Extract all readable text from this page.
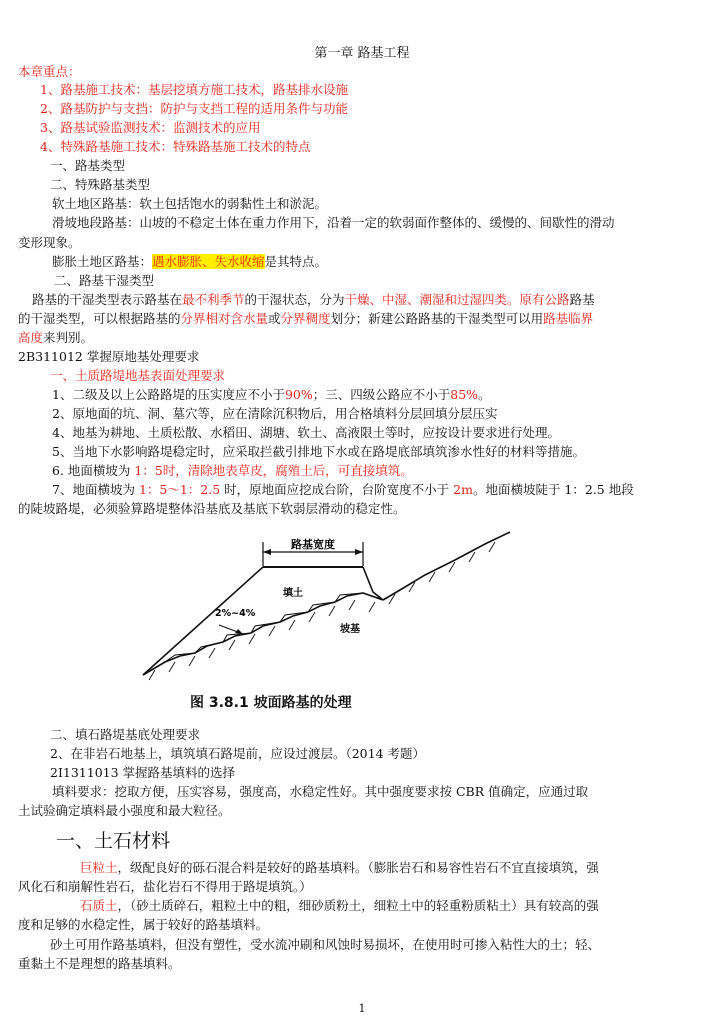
第一章 路基工程
本章重点：
1、路基施工技术：基层挖填方施工技术，路基排水设施
2、路基防护与支挡：防护与支挡工程的适用条件与功能
3、路基试验监测技术：监测技术的应用
4、特殊路基施工技术：特殊路基施工技术的特点
一、路基类型
二、特殊路基类型
软土地区路基：软土包括饱水的弱黏性土和淤泥。
滑坡地段路基：山坡的不稳定土体在重力作用下，沿着一定的软弱面作整体的、缓慢的、间歇性的滑动
变形现象。
膨胀土地区路基：遇水膨胀、失水收缩是其特点。
二、路基干湿类型
路基的干湿类型表示路基在最不利季节的干湿状态，分为干燥、中湿、潮湿和过湿四类。原有公路路基
的干湿类型，可以根据路基的分界相对含水量或分界稠度划分；新建公路路基的干湿类型可以用路基临界
高度来判别。
2B311012 掌握原地基处理要求
一、土质路堤地基表面处理要求
1、二级及以上公路路堤的压实度应不小于90%；三、四级公路应不小于85%。
2、原地面的坑、洞、墓穴等，应在清除沉积物后，用合格填料分层回填分层压实
4、地基为耕地、土质松散、水稻田、湖塘、软土、高液限土等时，应按设计要求进行处理。
5、当地下水影响路堤稳定时，应采取拦截引排地下水或在路堤底部填筑渗水性好的材料等措施。
6. 地面横坡为 1：5时，清除地表草皮，腐殖土后，可直接填筑。
7、地面横坡为 1：5～1：2.5 时，原地面应挖成台阶，台阶宽度不小于 2m。地面横坡陡于 1：2.5 地段
的陡坡路堤，必须验算路堤整体沿基底及基底下软弱层滑动的稳定性。
路基宽度
2%~4%
填土
坡基
图 3.8.1 坡面路基的处理
二、填石路堤基底处理要求
2、在非岩石地基上，填筑填石路堤前，应设过渡层。（2014 考题）
2I1311013 掌握路基填料的选择
填料要求：挖取方便，压实容易，强度高，水稳定性好。其中强度要求按 CBR 值确定，应通过取
土试验确定填料最小强度和最大粒径。
一、土石材料
巨粒土，级配良好的砾石混合料是较好的路基填料。（膨胀岩石和易容性岩石不宜直接填筑，强
风化石和崩解性岩石，盐化岩石不得用于路堤填筑。）
石质土，（砂土质碎石，粗粒土中的粗，细砂质粉土，细粒土中的轻重粉质粘土）具有较高的强
度和足够的水稳定性，属于较好的路基填料。
砂土可用作路基填料，但没有塑性，受水流冲刷和风蚀时易损坏，在使用时可掺入粘性大的土；轻、
重黏土不是理想的路基填料。
1
